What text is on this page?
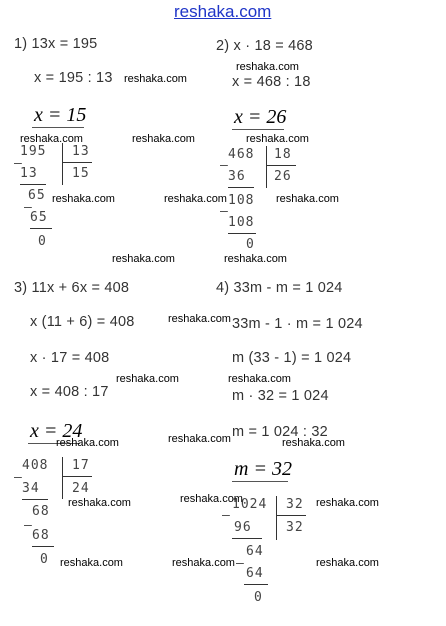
reshaka.com
1) 13x = 195
x = 195 : 13
x = 15
195 13
15
–
13
65
–
65
0
2) x · 18 = 468
x = 468 : 18
x = 26
468 18
26
–
36
108
–
108
0
3) 11x + 6x = 408
x (11 + 6) = 408
x · 17 = 408
x = 408 : 17
x = 24
408 17
24
–
34
68
–
68
0
4) 33m - m = 1 024
33m - 1 · m = 1 024
m (33 - 1) = 1 024
m · 32 = 1 024
m = 1 024 : 32
m = 32
1024 32
32
–
96
64
–
64
0
reshaka.com
reshaka.com
reshaka.com	reshaka.com	reshaka.com
reshaka.com	reshaka.com	reshaka.com
reshaka.com	reshaka.com
reshaka.com
reshaka.com	reshaka.com
reshaka.com	reshaka.com	reshaka.com
reshaka.com	reshaka.com	reshaka.com
reshaka.com	reshaka.com	reshaka.com
